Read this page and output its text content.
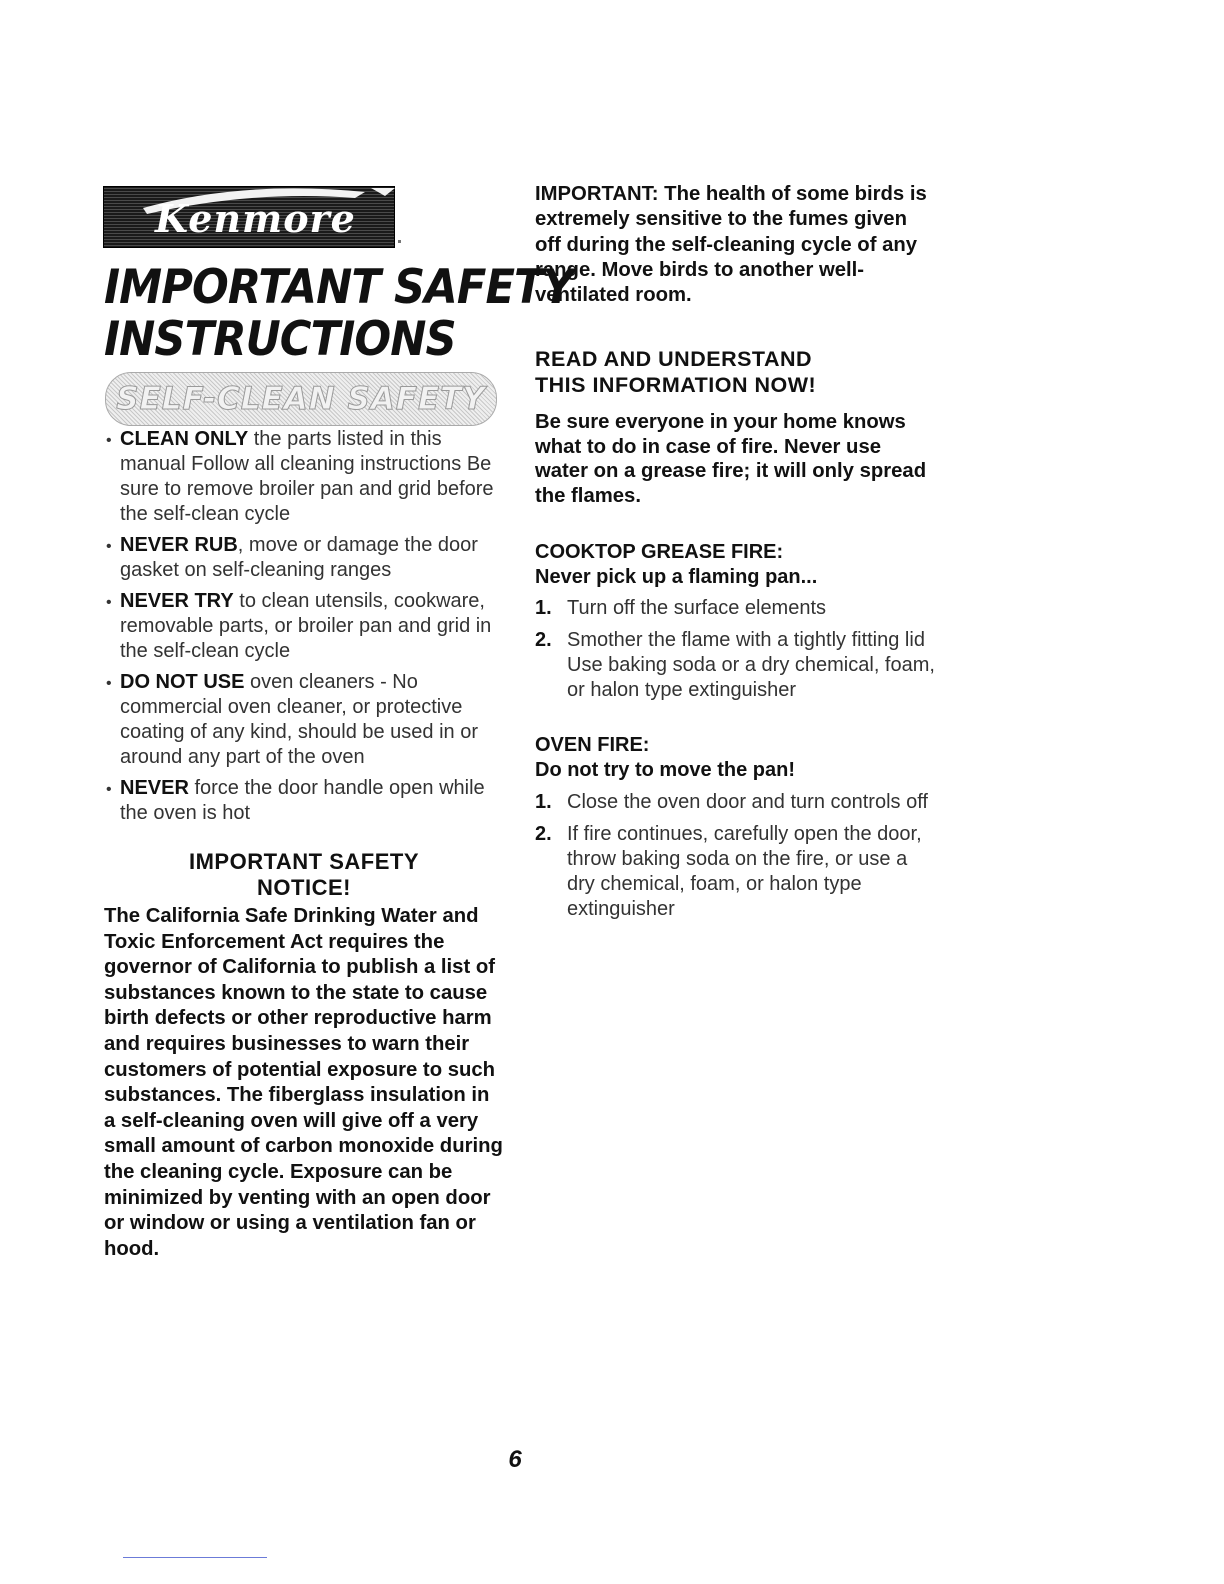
Kenmore
IMPORTANT SAFETY
INSTRUCTIONS
SELF-CLEAN SAFETY
• CLEAN ONLY the parts listed in this manual Follow all cleaning instructions Be sure to remove broiler pan and grid before the self-clean cycle
• NEVER RUB, move or damage the door gasket on self-cleaning ranges
• NEVER TRY to clean utensils, cookware, removable parts, or broiler pan and grid in the self-clean cycle
• DO NOT USE oven cleaners - No commercial oven cleaner, or protective coating of any kind, should be used in or around any part of the oven
• NEVER force the door handle open while the oven is hot
IMPORTANT SAFETY
NOTICE!
The California Safe Drinking Water and Toxic Enforcement Act requires the governor of California to publish a list of substances known to the state to cause birth defects or other reproductive harm and requires businesses to warn their customers of potential exposure to such substances. The fiberglass insulation in a self-cleaning oven will give off a very small amount of carbon monoxide during the cleaning cycle. Exposure can be minimized by venting with an open door or window or using a ventilation fan or hood.
IMPORTANT: The health of some birds is extremely sensitive to the fumes given off during the self-cleaning cycle of any range. Move birds to another well-ventilated room.
READ AND UNDERSTAND
THIS INFORMATION NOW!
Be sure everyone in your home knows what to do in case of fire. Never use water on a grease fire; it will only spread the flames.
COOKTOP GREASE FIRE:
Never pick up a flaming pan...
1. Turn off the surface elements
2. Smother the flame with a tightly fitting lid Use baking soda or a dry chemical, foam, or halon type extinguisher
OVEN FIRE:
Do not try to move the pan!
1. Close the oven door and turn controls off
2. If fire continues, carefully open the door, throw baking soda on the fire, or use a dry chemical, foam, or halon type extinguisher
6
